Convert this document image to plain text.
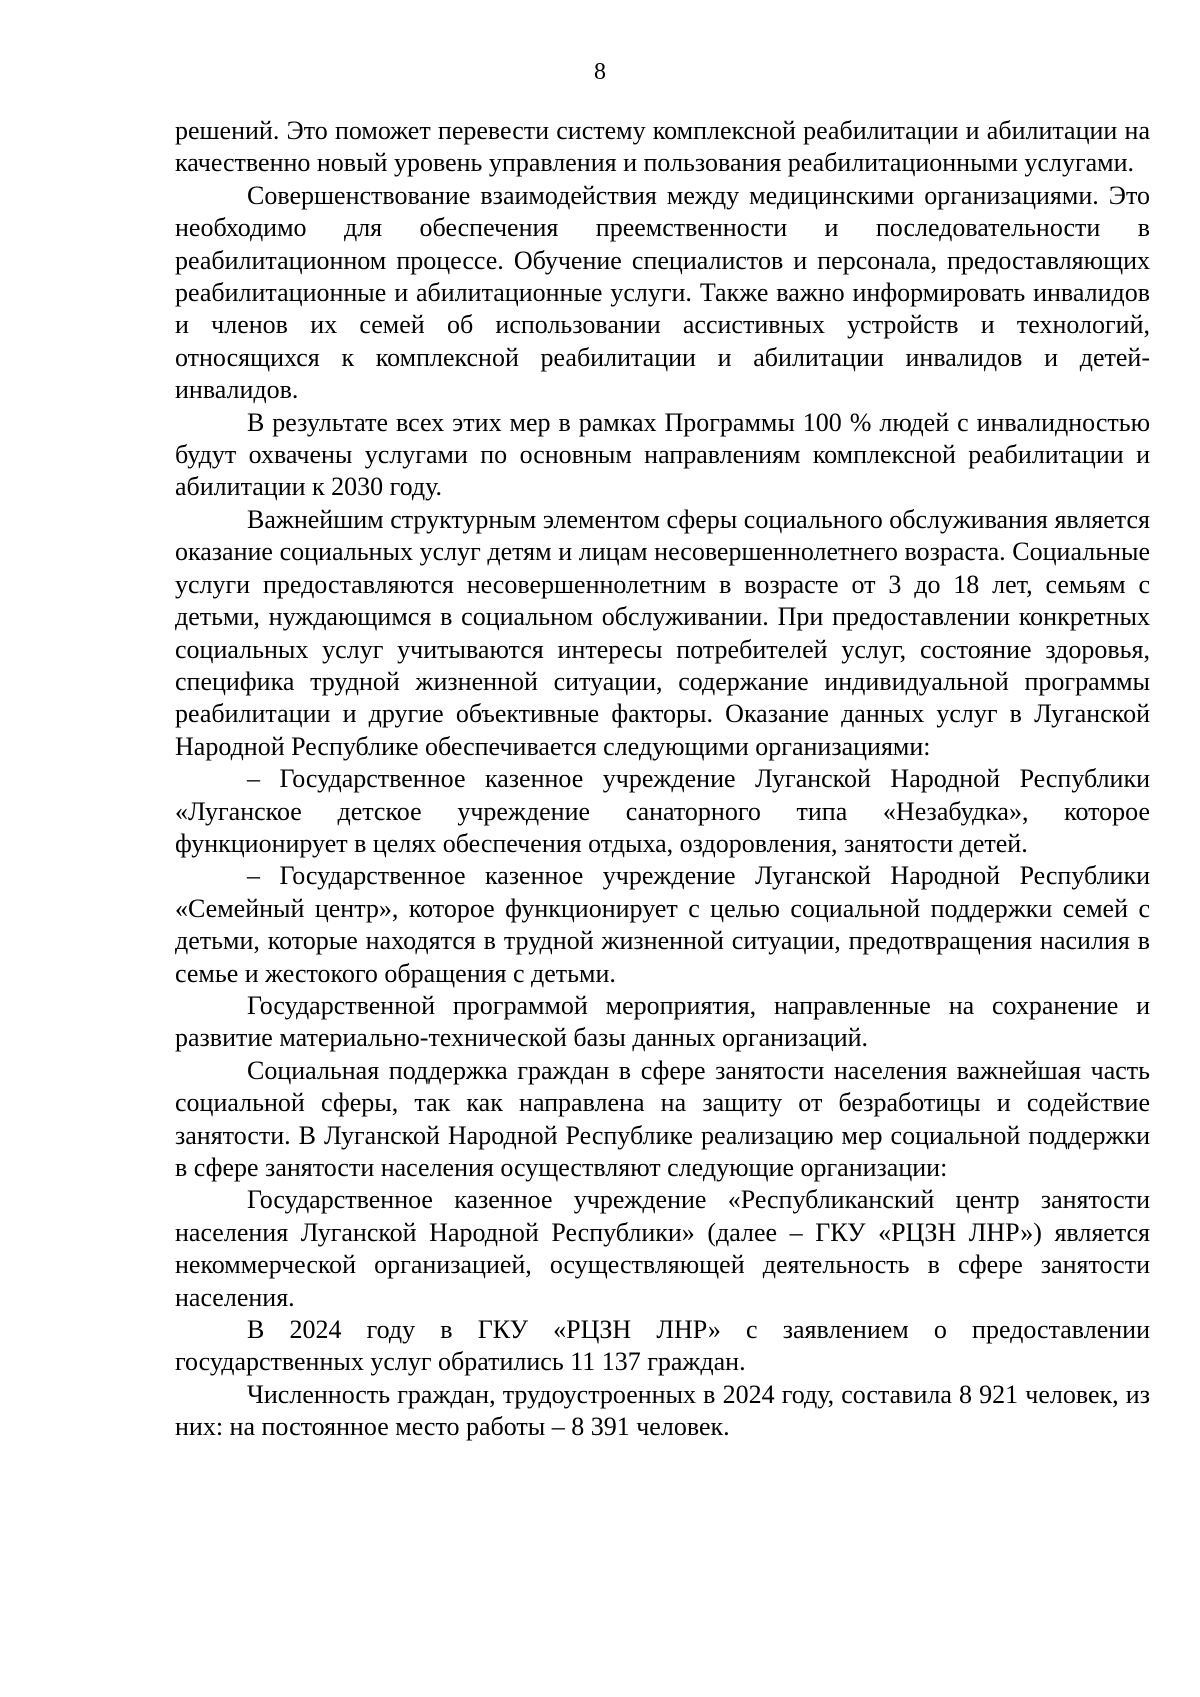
8

решений. Это поможет перевести систему комплексной реабилитации и абилитации на качественно новый уровень управления и пользования реабилитационными услугами.

Совершенствование взаимодействия между медицинскими организациями. Это необходимо для обеспечения преемственности и последовательности в реабилитационном процессе. Обучение специалистов и персонала, предоставляющих реабилитационные и абилитационные услуги. Также важно информировать инвалидов и членов их семей об использовании ассистивных устройств и технологий, относящихся к комплексной реабилитации и абилитации инвалидов и детей-инвалидов.

В результате всех этих мер в рамках Программы 100 % людей с инвалидностью будут охвачены услугами по основным направлениям комплексной реабилитации и абилитации к 2030 году.

Важнейшим структурным элементом сферы социального обслуживания является оказание социальных услуг детям и лицам несовершеннолетнего возраста. Социальные услуги предоставляются несовершеннолетним в возрасте от 3 до 18 лет, семьям с детьми, нуждающимся в социальном обслуживании. При предоставлении конкретных социальных услуг учитываются интересы потребителей услуг, состояние здоровья, специфика трудной жизненной ситуации, содержание индивидуальной программы реабилитации и другие объективные факторы. Оказание данных услуг в Луганской Народной Республике обеспечивается следующими организациями:

– Государственное казенное учреждение Луганской Народной Республики «Луганское детское учреждение санаторного типа «Незабудка», которое функционирует в целях обеспечения отдыха, оздоровления, занятости детей.

– Государственное казенное учреждение Луганской Народной Республики «Семейный центр», которое функционирует с целью социальной поддержки семей с детьми, которые находятся в трудной жизненной ситуации, предотвращения насилия в семье и жестокого обращения с детьми.

Государственной программой мероприятия, направленные на сохранение и развитие материально-технической базы данных организаций.

Социальная поддержка граждан в сфере занятости населения важнейшая часть социальной сферы, так как направлена на защиту от безработицы и содействие занятости. В Луганской Народной Республике реализацию мер социальной поддержки в сфере занятости населения осуществляют следующие организации:

Государственное казенное учреждение «Республиканский центр занятости населения Луганской Народной Республики» (далее – ГКУ «РЦЗН ЛНР») является некоммерческой организацией, осуществляющей деятельность в сфере занятости населения.

В 2024 году в ГКУ «РЦЗН ЛНР» с заявлением о предоставлении государственных услуг обратились 11 137 граждан.

Численность граждан, трудоустроенных в 2024 году, составила 8 921 человек, из них: на постоянное место работы – 8 391 человек.
